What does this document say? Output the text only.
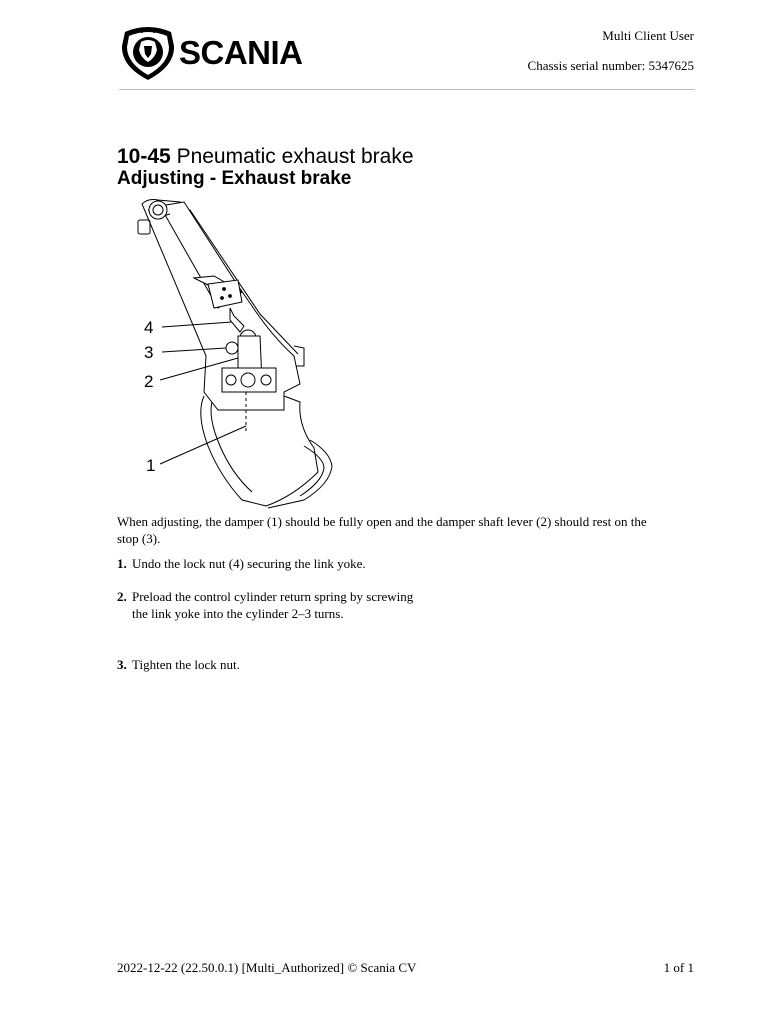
SCANIA	Multi Client User
Chassis serial number: 5347625
10-45 Pneumatic exhaust brake
Adjusting - Exhaust brake
4
3
2
1
When adjusting, the damper (1) should be fully open and the damper shaft lever (2) should rest on the stop (3).
1. Undo the lock nut (4) securing the link yoke.
2. Preload the control cylinder return spring by screwing the link yoke into the cylinder 2–3 turns.
3. Tighten the lock nut.
2022-12-22 (22.50.0.1) [Multi_Authorized] © Scania CV	1 of 1
